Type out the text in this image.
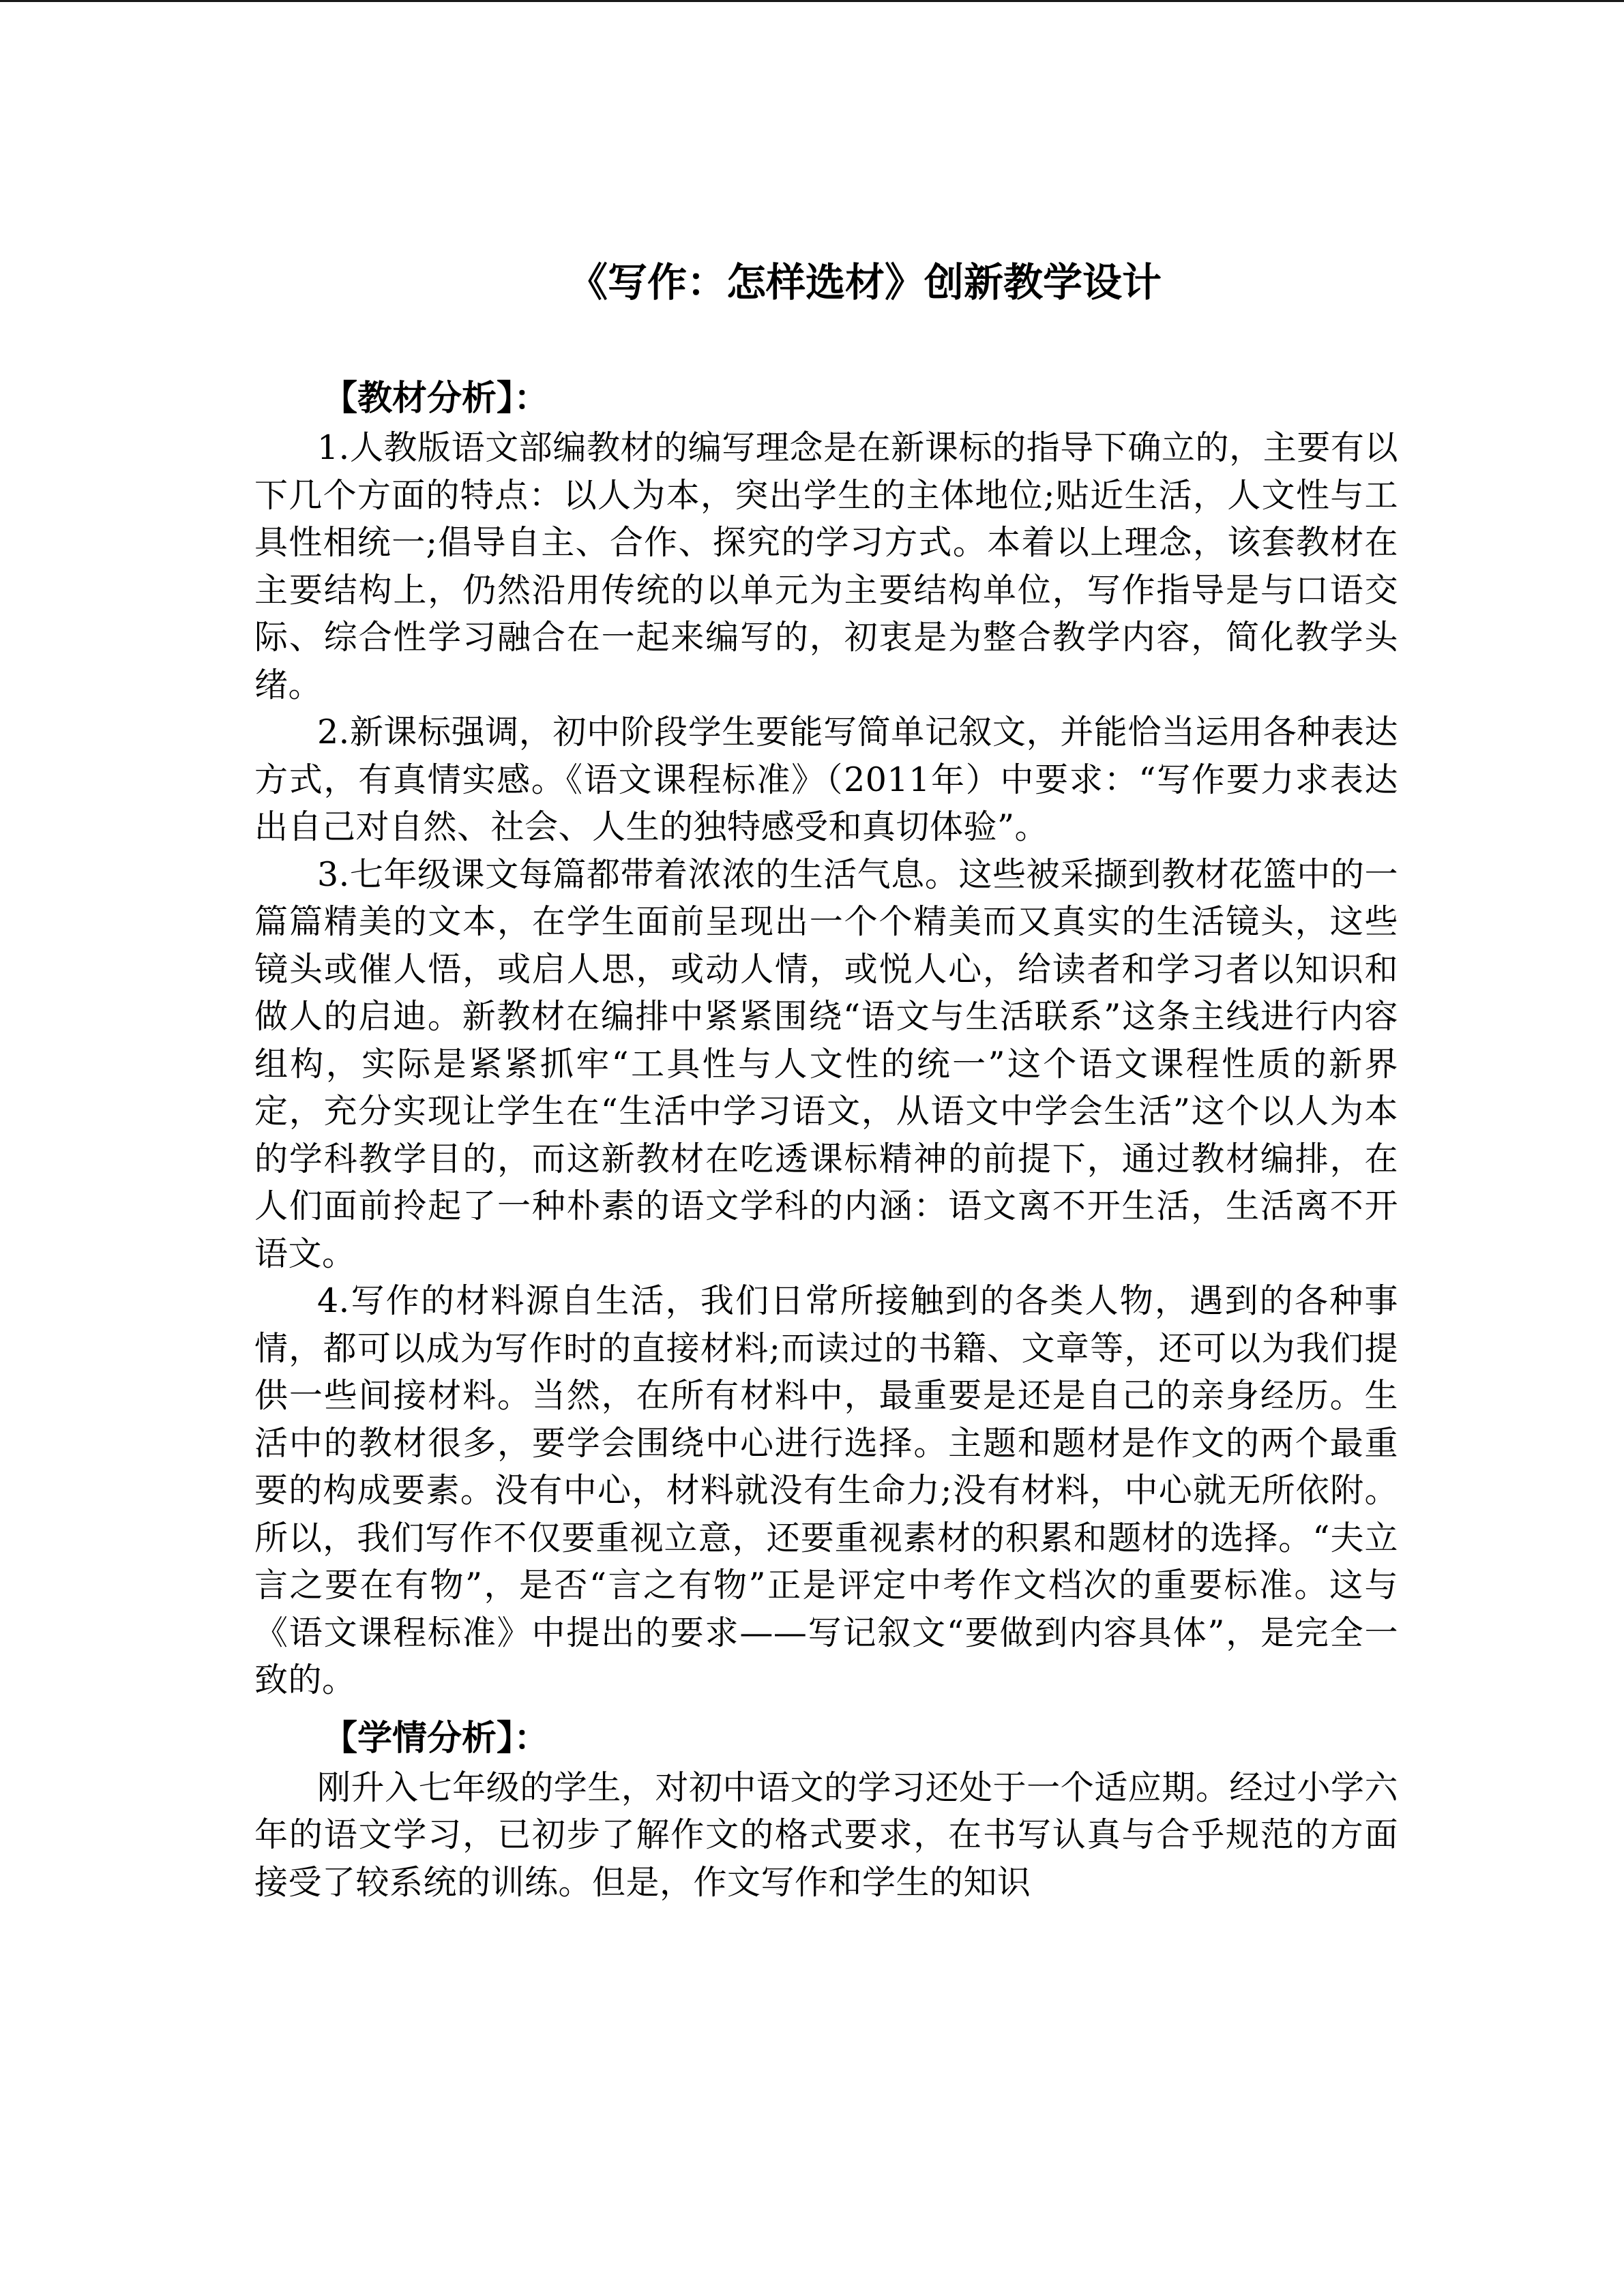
《写作：怎样选材》创新教学设计
【教材分析】：

1.人教版语文部编教材的编写理念是在新课标的指导下确立的，主要有以下几个方面的特点：以人为本，突出学生的主体地位;贴近生活，人文性与工具性相统一;倡导自主、合作、探究的学习方式。本着以上理念，该套教材在主要结构上，仍然沿用传统的以单元为主要结构单位，写作指导是与口语交际、综合性学习融合在一起来编写的，初衷是为整合教学内容，简化教学头绪。

2.新课标强调，初中阶段学生要能写简单记叙文，并能恰当运用各种表达方式，有真情实感。《语文课程标准》（2011年）中要求：“写作要力求表达出自己对自然、社会、人生的独特感受和真切体验”。

3.七年级课文每篇都带着浓浓的生活气息。这些被采撷到教材花篮中的一篇篇精美的文本，在学生面前呈现出一个个精美而又真实的生活镜头，这些镜头或催人悟，或启人思，或动人情，或悦人心，给读者和学习者以知识和做人的启迪。新教材在编排中紧紧围绕“语文与生活联系”这条主线进行内容组构，实际是紧紧抓牢“工具性与人文性的统一”这个语文课程性质的新界定，充分实现让学生在“生活中学习语文，从语文中学会生活”这个以人为本的学科教学目的，而这新教材在吃透课标精神的前提下，通过教材编排，在人们面前拎起了一种朴素的语文学科的内涵：语文离不开生活，生活离不开语文。

4.写作的材料源自生活，我们日常所接触到的各类人物，遇到的各种事情，都可以成为写作时的直接材料;而读过的书籍、文章等，还可以为我们提供一些间接材料。当然，在所有材料中，最重要是还是自己的亲身经历。生活中的教材很多，要学会围绕中心进行选择。主题和题材是作文的两个最重要的构成要素。没有中心，材料就没有生命力;没有材料，中心就无所依附。所以，我们写作不仅要重视立意，还要重视素材的积累和题材的选择。“夫立言之要在有物”，是否“言之有物”正是评定中考作文档次的重要标准。这与《语文课程标准》中提出的要求——写记叙文“要做到内容具体”，是完全一致的。

【学情分析】：

刚升入七年级的学生，对初中语文的学习还处于一个适应期。经过小学六年的语文学习，已初步了解作文的格式要求，在书写认真与合乎规范的方面接受了较系统的训练。但是，作文写作和学生的知识
